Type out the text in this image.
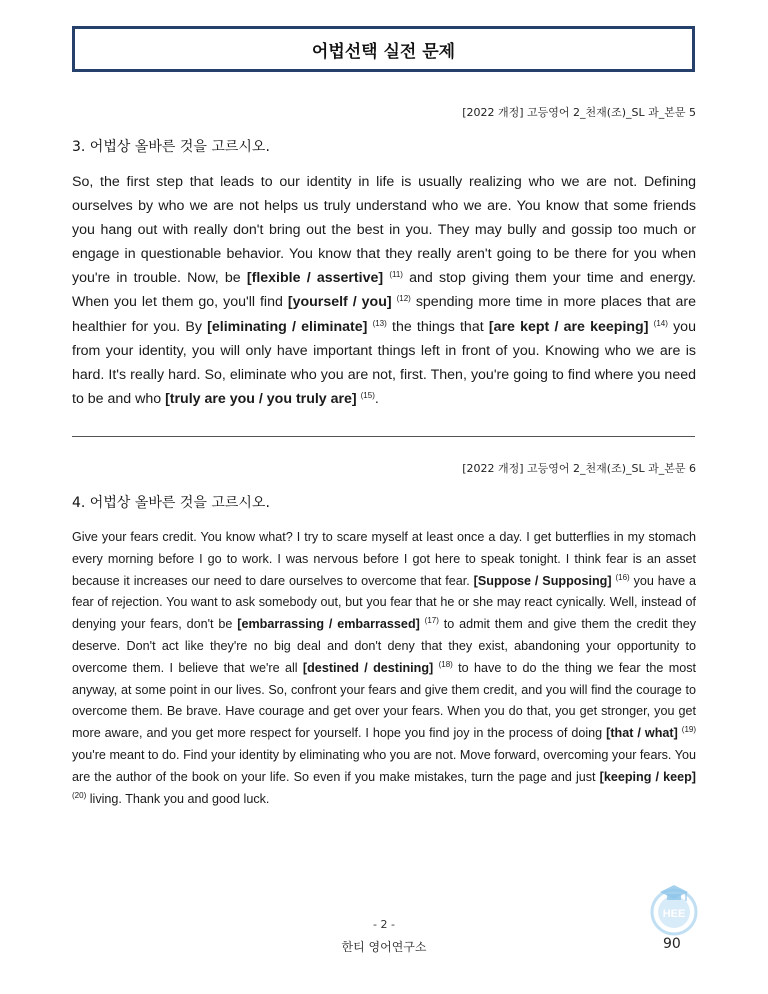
어법선택 실전 문제
[2022 개정] 고등영어 2_천재(조)_SL 과_본문 5
3. 어법상 올바른 것을 고르시오.

So, the first step that leads to our identity in life is usually realizing who we are not. Defining ourselves by who we are not helps us truly understand who we are. You know that some friends you hang out with really don't bring out the best in you. They may bully and gossip too much or engage in questionable behavior. You know that they really aren't going to be there for you when you're in trouble. Now, be [flexible / assertive] $^{(11)}$ and stop giving them your time and energy. When you let them go, you'll find [yourself / you] $^{(12)}$ spending more time in more places that are healthier for you. By [eliminating / eliminate] $^{(13)}$ the things that [are kept / are keeping] $^{(14)}$ you from your identity, you will only have important things left in front of you. Knowing who we are is hard. It's really hard. So, eliminate who you are not, first. Then, you're going to find where you need to be and who [truly are you / you truly are] $^{(15)}$.

[2022 개정] 고등영어 2_천재(조)_SL 과_본문 6
4. 어법상 올바른 것을 고르시오.

Give your fears credit. You know what? I try to scare myself at least once a day. I get butterflies in my stomach every morning before I go to work. I was nervous before I got here to speak tonight. I think fear is an asset because it increases our need to dare ourselves to overcome that fear. [Suppose / Supposing] $^{(16)}$ you have a fear of rejection. You want to ask somebody out, but you fear that he or she may react cynically. Well, instead of denying your fears, don't be [embarrassing / embarrassed] $^{(17)}$ to admit them and give them the credit they deserve. Don't act like they're no big deal and don't deny that they exist, abandoning your opportunity to overcome them. I believe that we're all [destined / destining] $^{(18)}$ to have to do the thing we fear the most anyway, at some point in our lives. So, confront your fears and give them credit, and you will find the courage to overcome them. Be brave. Have courage and get over your fears. When you do that, you get stronger, you get more aware, and you get more respect for yourself. I hope you find joy in the process of doing [that / what] $^{(19)}$ you're meant to do. Find your identity by eliminating who you are not. Move forward, overcoming your fears. You are the author of the book on your life. So even if you make mistakes, turn the page and just [keeping / keep] $^{(20)}$ living. Thank you and good luck.

HEE
- 2 -
한티 영어연구소	90
